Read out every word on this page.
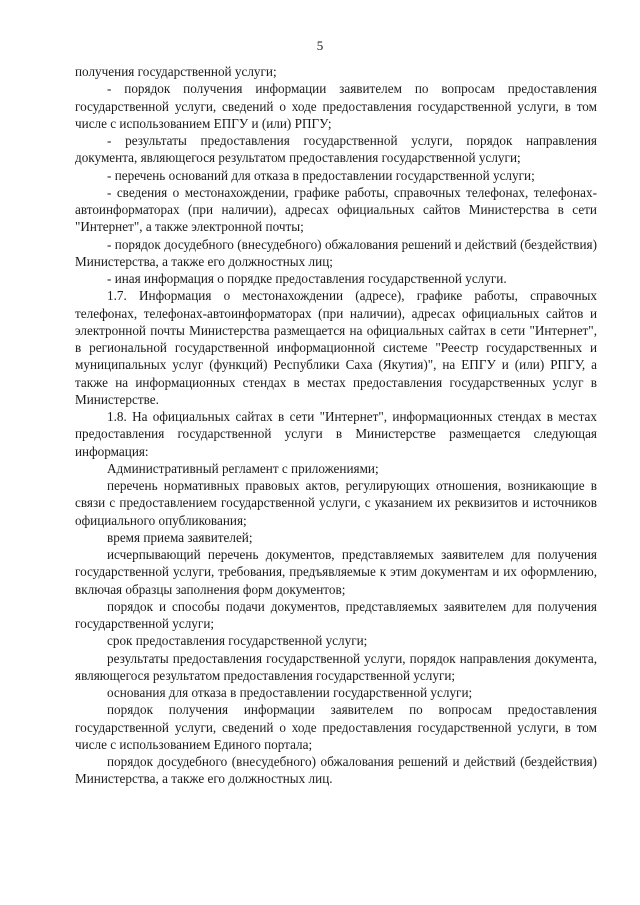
5

получения государственной услуги;

- порядок получения информации заявителем по вопросам предоставления государственной услуги, сведений о ходе предоставления государственной услуги, в том числе с использованием ЕПГУ и (или) РПГУ;

- результаты предоставления государственной услуги, порядок направления документа, являющегося результатом предоставления государственной услуги;

- перечень оснований для отказа в предоставлении государственной услуги;

- сведения о местонахождении, графике работы, справочных телефонах, телефонах-автоинформаторах (при наличии), адресах официальных сайтов Министерства в сети "Интернет", а также электронной почты;

- порядок досудебного (внесудебного) обжалования решений и действий (бездействия) Министерства, а также его должностных лиц;

- иная информация о порядке предоставления государственной услуги.

1.7. Информация о местонахождении (адресе), графике работы, справочных телефонах, телефонах-автоинформаторах (при наличии), адресах официальных сайтов и электронной почты Министерства размещается на официальных сайтах в сети "Интернет", в региональной государственной информационной системе "Реестр государственных и муниципальных услуг (функций) Республики Саха (Якутия)", на ЕПГУ и (или) РПГУ, а также на информационных стендах в местах предоставления государственных услуг в Министерстве.

1.8. На официальных сайтах в сети "Интернет", информационных стендах в местах предоставления государственной услуги в Министерстве размещается следующая информация:

Административный регламент с приложениями;

перечень нормативных правовых актов, регулирующих отношения, возникающие в связи с предоставлением государственной услуги, с указанием их реквизитов и источников официального опубликования;

время приема заявителей;

исчерпывающий перечень документов, представляемых заявителем для получения государственной услуги, требования, предъявляемые к этим документам и их оформлению, включая образцы заполнения форм документов;

порядок и способы подачи документов, представляемых заявителем для получения государственной услуги;

срок предоставления государственной услуги;

результаты предоставления государственной услуги, порядок направления документа, являющегося результатом предоставления государственной услуги;

основания для отказа в предоставлении государственной услуги;

порядок получения информации заявителем по вопросам предоставления государственной услуги, сведений о ходе предоставления государственной услуги, в том числе с использованием Единого портала;

порядок досудебного (внесудебного) обжалования решений и действий (бездействия) Министерства, а также его должностных лиц.
